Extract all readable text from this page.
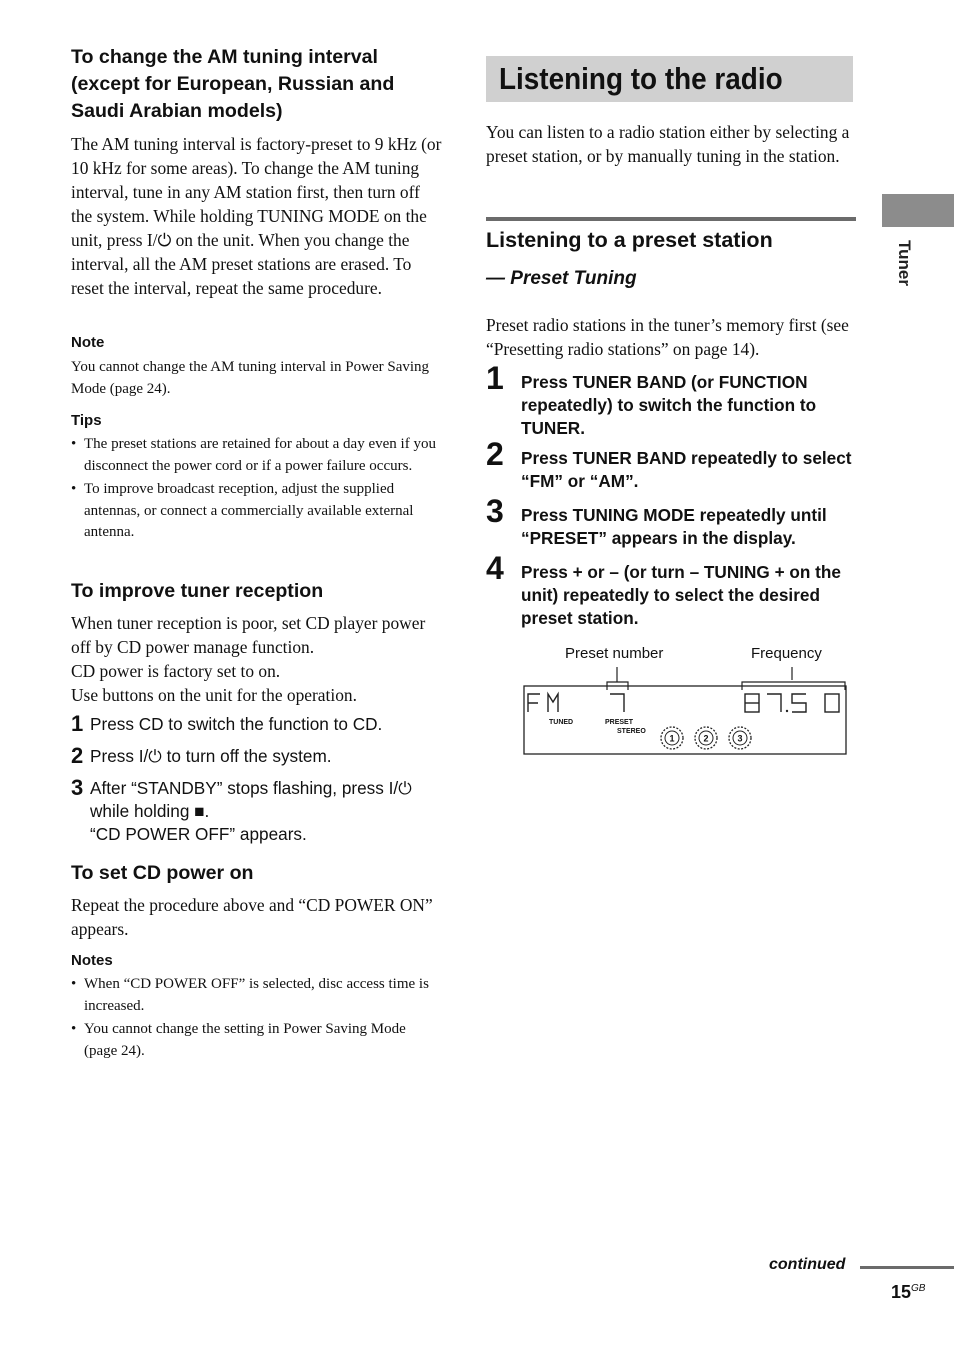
To change the AM tuning interval (except for European, Russian and Saudi Arabian models)
The AM tuning interval is factory-preset to 9 kHz (or 10 kHz for some areas). To change the AM tuning interval, tune in any AM station first, then turn off the system. While holding TUNING MODE on the unit, press I/⏻ on the unit. When you change the interval, all the AM preset stations are erased. To reset the interval, repeat the same procedure.
Note
You cannot change the AM tuning interval in Power Saving Mode (page 24).
Tips
• The preset stations are retained for about a day even if you disconnect the power cord or if a power failure occurs.
• To improve broadcast reception, adjust the supplied antennas, or connect a commercially available external antenna.
To improve tuner reception
When tuner reception is poor, set CD player power off by CD power manage function.
CD power is factory set to on.
Use buttons on the unit for the operation.
1 Press CD to switch the function to CD.
2 Press I/⏻ to turn off the system.
3 After “STANDBY” stops flashing, press I/⏻ while holding ■.
“CD POWER OFF” appears.
To set CD power on
Repeat the procedure above and “CD POWER ON” appears.
Notes
• When “CD POWER OFF” is selected, disc access time is increased.
• You cannot change the setting in Power Saving Mode (page 24).
Listening to the radio
You can listen to a radio station either by selecting a preset station, or by manually tuning in the station.
Listening to a preset station
— Preset Tuning
Preset radio stations in the tuner’s memory first (see “Presetting radio stations” on page 14).
1 Press TUNER BAND (or FUNCTION repeatedly) to switch the function to TUNER.
2 Press TUNER BAND repeatedly to select “FM” or “AM”.
3 Press TUNING MODE repeatedly until “PRESET” appears in the display.
4 Press + or – (or turn – TUNING + on the unit) repeatedly to select the desired preset station.
Preset number	Frequency
TUNED	PRESET
STEREO
1	2	3
Tuner
continued
$15^{GB}$
